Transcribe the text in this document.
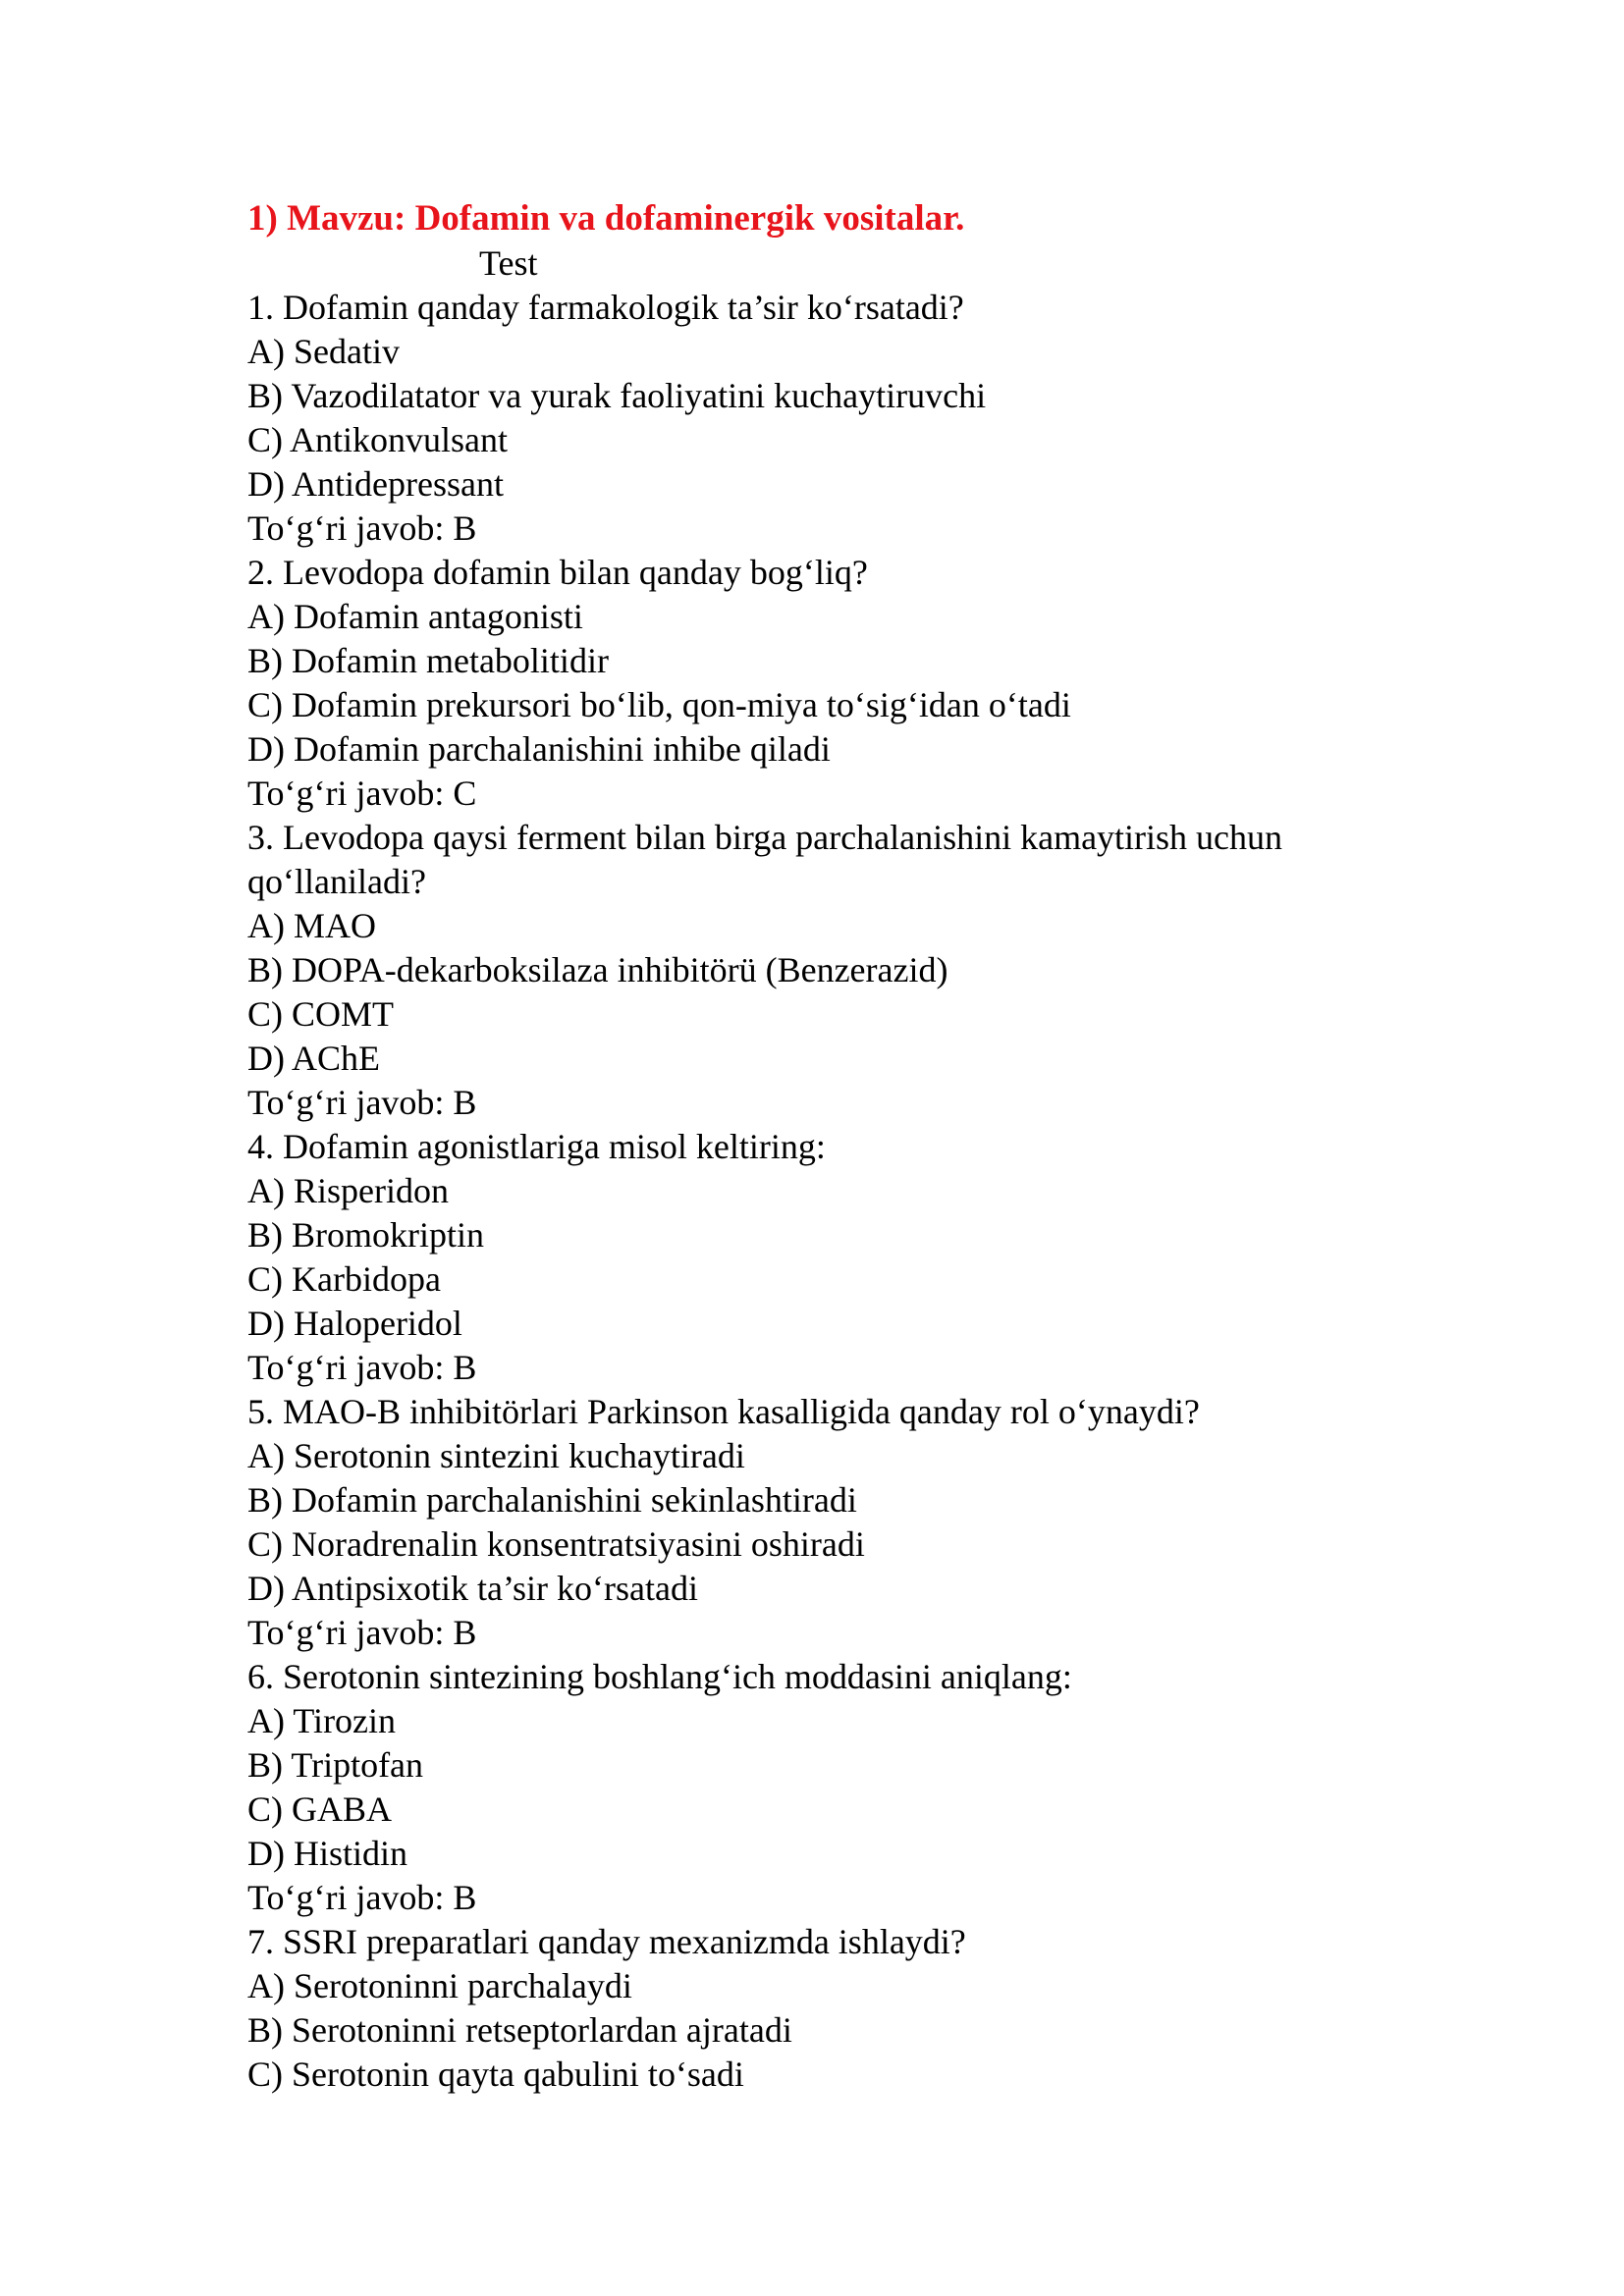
1) Mavzu: Dofamin va dofaminergik vositalar.
Test
1. Dofamin qanday farmakologik ta’sir ko‘rsatadi?
A) Sedativ
B) Vazodilatator va yurak faoliyatini kuchaytiruvchi
C) Antikonvulsant
D) Antidepressant
To‘g‘ri javob: B
2. Levodopa dofamin bilan qanday bog‘liq?
A) Dofamin antagonisti
B) Dofamin metabolitidir
C) Dofamin prekursori bo‘lib, qon-miya to‘sig‘idan o‘tadi
D) Dofamin parchalanishini inhibe qiladi
To‘g‘ri javob: C
3. Levodopa qaysi ferment bilan birga parchalanishini kamaytirish uchun qo‘llaniladi?
A) MAO
B) DOPA-dekarboksilaza inhibitörü (Benzerazid)
C) COMT
D) AChE
To‘g‘ri javob: B
4. Dofamin agonistlariga misol keltiring:
A) Risperidon
B) Bromokriptin
C) Karbidopa
D) Haloperidol
To‘g‘ri javob: B
5. MAO-B inhibitörlari Parkinson kasalligida qanday rol o‘ynaydi?
A) Serotonin sintezini kuchaytiradi
B) Dofamin parchalanishini sekinlashtiradi
C) Noradrenalin konsentratsiyasini oshiradi
D) Antipsixotik ta’sir ko‘rsatadi
To‘g‘ri javob: B
6. Serotonin sintezining boshlang‘ich moddasini aniqlang:
A) Tirozin
B) Triptofan
C) GABA
D) Histidin
To‘g‘ri javob: B
7. SSRI preparatlari qanday mexanizmda ishlaydi?
A) Serotoninni parchalaydi
B) Serotoninni retseptorlardan ajratadi
C) Serotonin qayta qabulini to‘sadi
